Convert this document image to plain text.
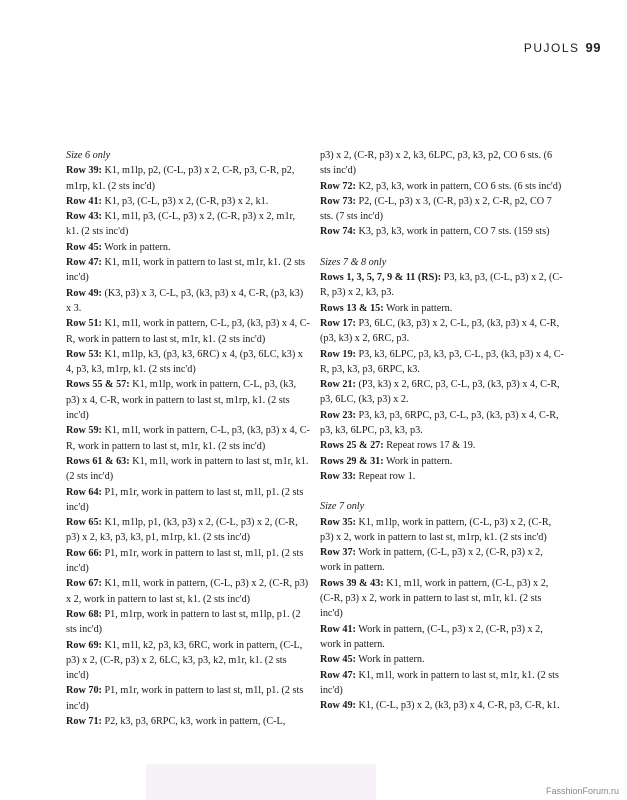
PUJOLS 99

Size 6 only

Row 39: K1, m1lp, p2, (C-L, p3) x 2, C-R, p3, C-R, p2, m1rp, k1. (2 sts inc'd)

Row 41: K1, p3, (C-L, p3) x 2, (C-R, p3) x 2, k1.

Row 43: K1, m1l, p3, (C-L, p3) x 2, (C-R, p3) x 2, m1r, k1. (2 sts inc'd)

Row 45: Work in pattern.

Row 47: K1, m1l, work in pattern to last st, m1r, k1. (2 sts inc'd)

Row 49: (K3, p3) x 3, C-L, p3, (k3, p3) x 4, C-R, (p3, k3) x 3.

Row 51: K1, m1l, work in pattern, C-L, p3, (k3, p3) x 4, C-R, work in pattern to last st, m1r, k1. (2 sts inc'd)

Row 53: K1, m1lp, k3, (p3, k3, 6RC) x 4, (p3, 6LC, k3) x 4, p3, k3, m1rp, k1. (2 sts inc'd)

Rows 55 & 57: K1, m1lp, work in pattern, C-L, p3, (k3, p3) x 4, C-R, work in pattern to last st, m1rp, k1. (2 sts inc'd)

Row 59: K1, m1l, work in pattern, C-L, p3, (k3, p3) x 4, C-R, work in pattern to last st, m1r, k1. (2 sts inc'd)

Rows 61 & 63: K1, m1l, work in pattern to last st, m1r, k1. (2 sts inc'd)

Row 64: P1, m1r, work in pattern to last st, m1l, p1. (2 sts inc'd)

Row 65: K1, m1lp, p1, (k3, p3) x 2, (C-L, p3) x 2, (C-R, p3) x 2, k3, p3, k3, p1, m1rp, k1. (2 sts inc'd)

Row 66: P1, m1r, work in pattern to last st, m1l, p1. (2 sts inc'd)

Row 67: K1, m1l, work in pattern, (C-L, p3) x 2, (C-R, p3) x 2, work in pattern to last st, k1. (2 sts inc'd)

Row 68: P1, m1rp, work in pattern to last st, m1lp, p1. (2 sts inc'd)

Row 69: K1, m1l, k2, p3, k3, 6RC, work in pattern, (C-L, p3) x 2, (C-R, p3) x 2, 6LC, k3, p3, k2, m1r, k1. (2 sts inc'd)

Row 70: P1, m1r, work in pattern to last st, m1l, p1. (2 sts inc'd)

Row 71: P2, k3, p3, 6RPC, k3, work in pattern, (C-L,

p3) x 2, (C-R, p3) x 2, k3, 6LPC, p3, k3, p2, CO 6 sts. (6 sts inc'd)

Row 72: K2, p3, k3, work in pattern, CO 6 sts. (6 sts inc'd)

Row 73: P2, (C-L, p3) x 3, (C-R, p3) x 2, C-R, p2, CO 7 sts. (7 sts inc'd)

Row 74: K3, p3, k3, work in pattern, CO 7 sts. (159 sts)

Sizes 7 & 8 only

Rows 1, 3, 5, 7, 9 & 11 (RS): P3, k3, p3, (C-L, p3) x 2, (C-R, p3) x 2, k3, p3.

Rows 13 & 15: Work in pattern.

Row 17: P3, 6LC, (k3, p3) x 2, C-L, p3, (k3, p3) x 4, C-R, (p3, k3) x 2, 6RC, p3.

Row 19: P3, k3, 6LPC, p3, k3, p3, C-L, p3, (k3, p3) x 4, C-R, p3, k3, p3, 6RPC, k3.

Row 21: (P3, k3) x 2, 6RC, p3, C-L, p3, (k3, p3) x 4, C-R, p3, 6LC, (k3, p3) x 2.

Row 23: P3, k3, p3, 6RPC, p3, C-L, p3, (k3, p3) x 4, C-R, p3, k3, 6LPC, p3, k3, p3.

Rows 25 & 27: Repeat rows 17 & 19.

Rows 29 & 31: Work in pattern.

Row 33: Repeat row 1.

Size 7 only

Row 35: K1, m1lp, work in pattern, (C-L, p3) x 2, (C-R, p3) x 2, work in pattern to last st, m1rp, k1. (2 sts inc'd)

Row 37: Work in pattern, (C-L, p3) x 2, (C-R, p3) x 2, work in pattern.

Rows 39 & 43: K1, m1l, work in pattern, (C-L, p3) x 2, (C-R, p3) x 2, work in pattern to last st, m1r, k1. (2 sts inc'd)

Row 41: Work in pattern, (C-L, p3) x 2, (C-R, p3) x 2, work in pattern.

Row 45: Work in pattern.

Row 47: K1, m1l, work in pattern to last st, m1r, k1. (2 sts inc'd)

Row 49: K1, (C-L, p3) x 2, (k3, p3) x 4, C-R, p3, C-R, k1.

FasshionForum.ru
